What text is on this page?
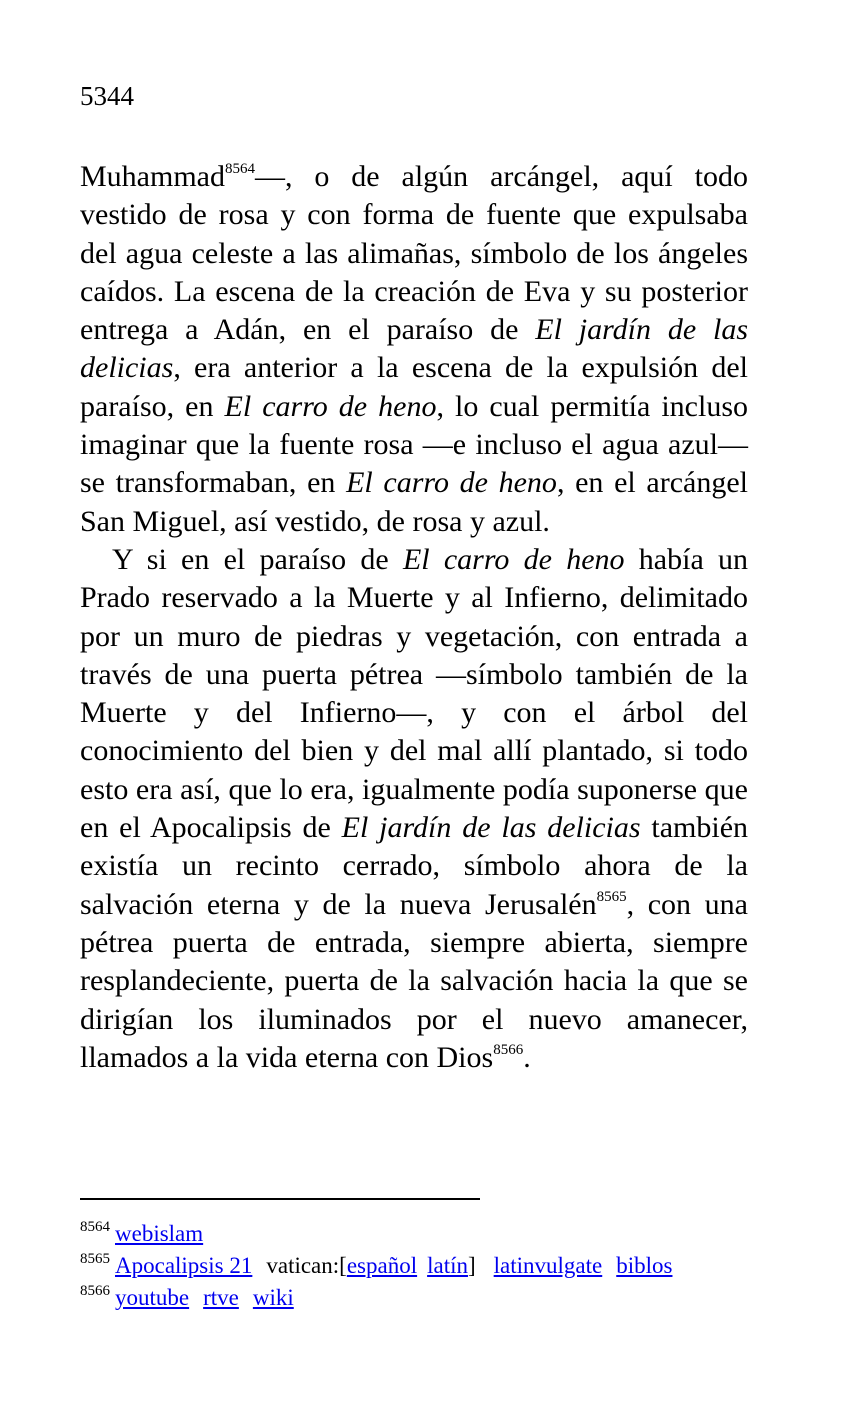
5344

Muhammad$^{8564}$—, o de algún arcángel, aquí todo vestido de rosa y con forma de fuente que expulsaba del agua celeste a las alimañas, símbolo de los ángeles caídos. La escena de la creación de Eva y su posterior entrega a Adán, en el paraíso de El jardín de las delicias, era anterior a la escena de la expulsión del paraíso, en El carro de heno, lo cual permitía incluso imaginar que la fuente rosa —e incluso el agua azul— se transformaban, en El carro de heno, en el arcángel San Miguel, así vestido, de rosa y azul.

Y si en el paraíso de El carro de heno había un Prado reservado a la Muerte y al Infierno, delimitado por un muro de piedras y vegetación, con entrada a través de una puerta pétrea —símbolo también de la Muerte y del Infierno—, y con el árbol del conocimiento del bien y del mal allí plantado, si todo esto era así, que lo era, igualmente podía suponerse que en el Apocalipsis de El jardín de las delicias también existía un recinto cerrado, símbolo ahora de la salvación eterna y de la nueva Jerusalén$^{8565}$, con una pétrea puerta de entrada, siempre abierta, siempre resplandeciente, puerta de la salvación hacia la que se dirigían los iluminados por el nuevo amanecer, llamados a la vida eterna con Dios$^{8566}$.

$^{8564}$ webislam
$^{8565}$ Apocalipsis 21 vatican:[español latín] latinvulgate biblos
$^{8566}$ youtube rtve wiki
